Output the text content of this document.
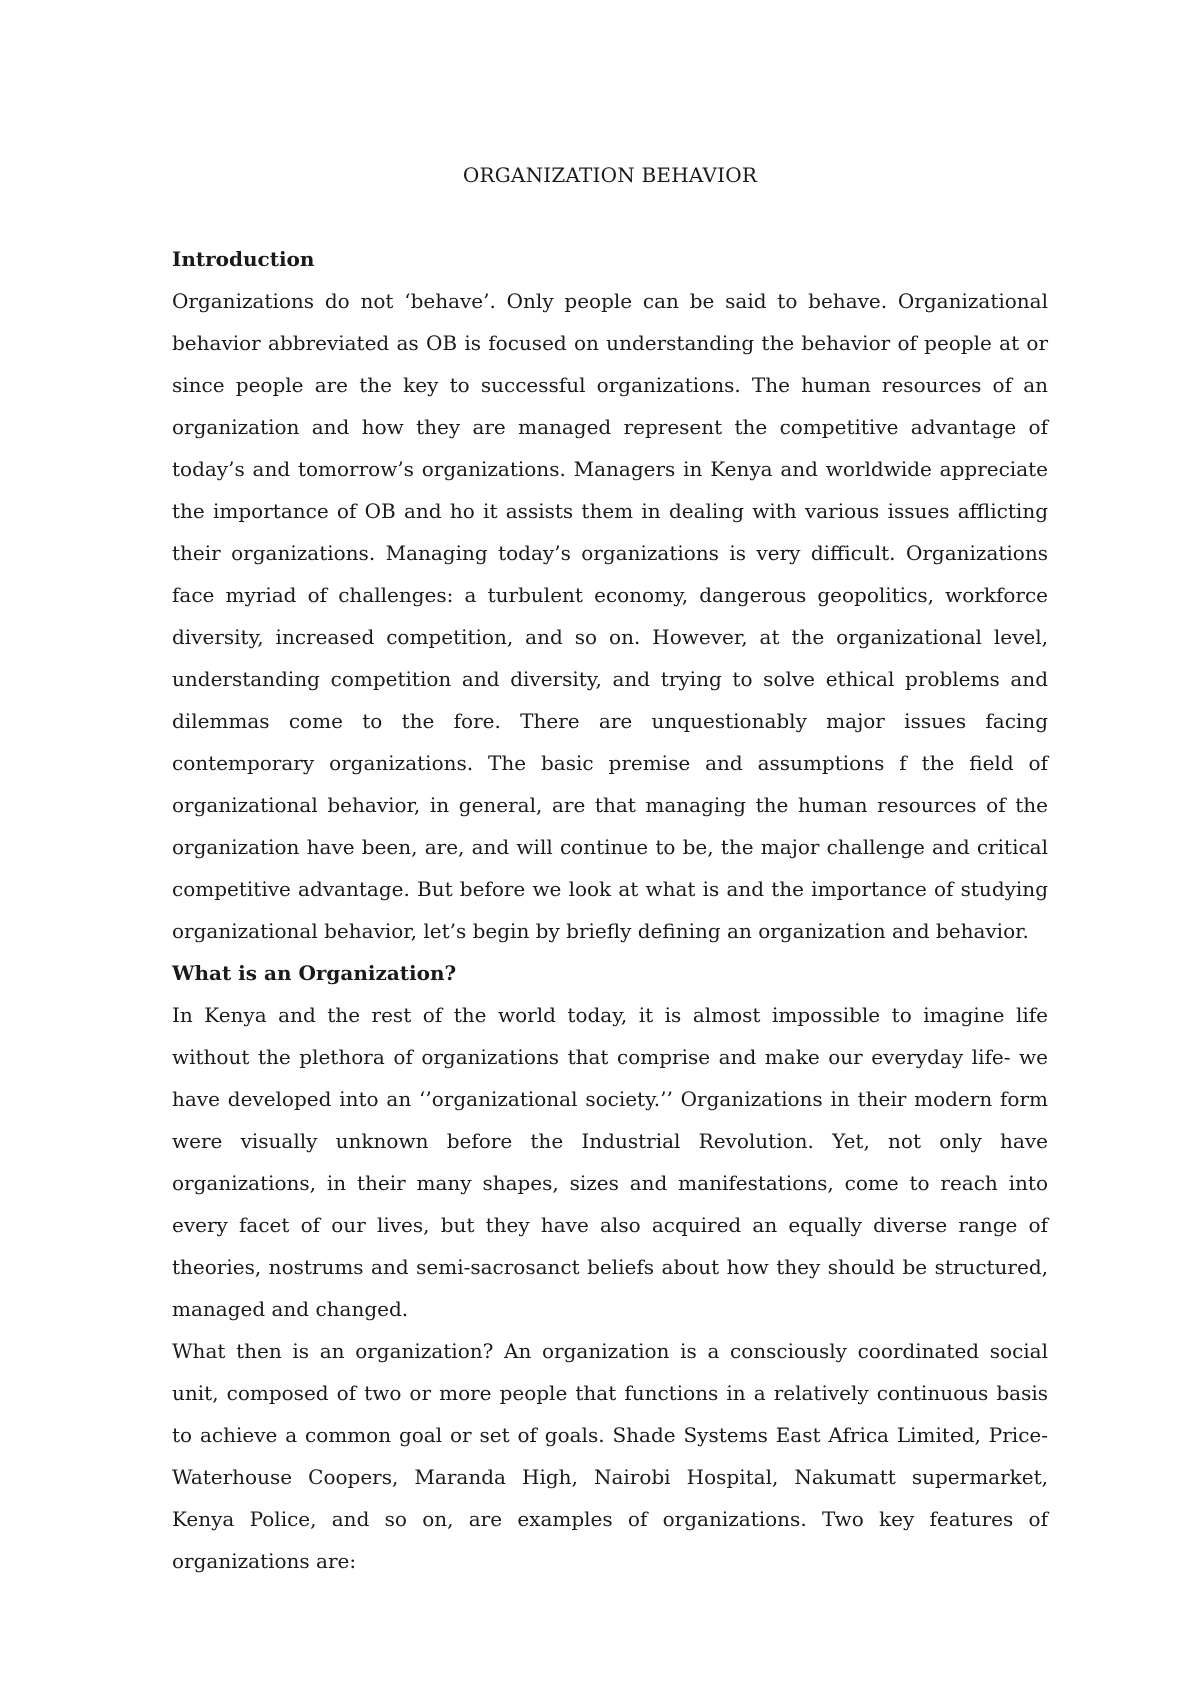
ORGANIZATION BEHAVIOR
Introduction

Organizations do not ‘behave’. Only people can be said to behave. Organizational behavior abbreviated as OB is focused on understanding the behavior of people at or since people are the key to successful organizations. The human resources of an organization and how they are managed represent the competitive advantage of today’s and tomorrow’s organizations. Managers in Kenya and worldwide appreciate the importance of OB and ho it assists them in dealing with various issues afflicting their organizations. Managing today’s organizations is very difficult. Organizations face myriad of challenges: a turbulent economy, dangerous geopolitics, workforce diversity, increased competition, and so on. However, at the organizational level, understanding competition and diversity, and trying to solve ethical problems and dilemmas come to the fore. There are unquestionably major issues facing contemporary organizations. The basic premise and assumptions f the field of organizational behavior, in general, are that managing the human resources of the organization have been, are, and will continue to be, the major challenge and critical competitive advantage. But before we look at what is and the importance of studying organizational behavior, let’s begin by briefly defining an organization and behavior.

What is an Organization?

In Kenya and the rest of the world today, it is almost impossible to imagine life without the plethora of organizations that comprise and make our everyday life- we have developed into an ‘’organizational society.’’ Organizations in their modern form were visually unknown before the Industrial Revolution. Yet, not only have organizations, in their many shapes, sizes and manifestations, come to reach into every facet of our lives, but they have also acquired an equally diverse range of theories, nostrums and semi-sacrosanct beliefs about how they should be structured, managed and changed.

What then is an organization? An organization is a consciously coordinated social unit, composed of two or more people that functions in a relatively continuous basis to achieve a common goal or set of goals. Shade Systems East Africa Limited, Price-Waterhouse Coopers, Maranda High, Nairobi Hospital, Nakumatt supermarket, Kenya Police, and so on, are examples of organizations. Two key features of organizations are:
